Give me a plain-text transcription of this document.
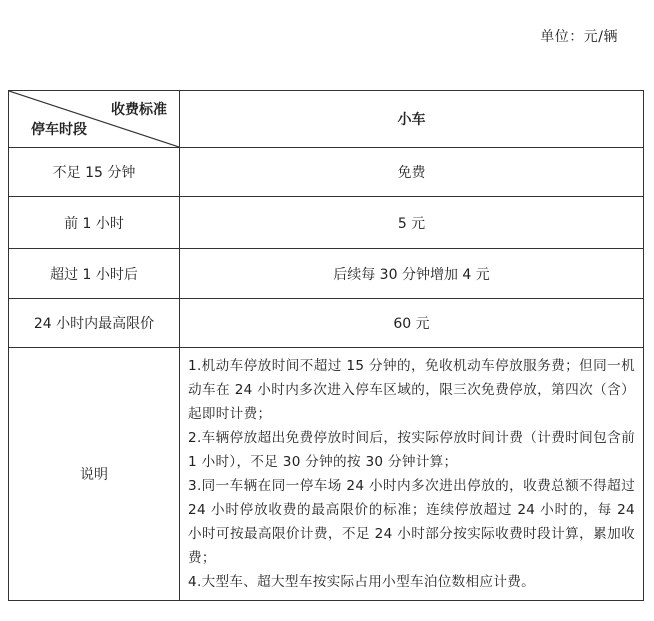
单位：元/辆
收费标准
停车时段	小车
不足 15 分钟	免费
前 1 小时	5 元
超过 1 小时后	后续每 30 分钟增加 4 元
24 小时内最高限价	60 元
说明	1.机动车停放时间不超过 15 分钟的，免收机动车停放服务费；但同一机动车在 24 小时内多次进入停车区域的，限三次免费停放，第四次（含）起即时计费；
2.车辆停放超出免费停放时间后，按实际停放时间计费（计费时间包含前 1 小时），不足 30 分钟的按 30 分钟计算；
3.同一车辆在同一停车场 24 小时内多次进出停放的，收费总额不得超过 24 小时停放收费的最高限价的标准；连续停放超过 24 小时的，每 24 小时可按最高限价计费，不足 24 小时部分按实际收费时段计算，累加收费；
4.大型车、超大型车按实际占用小型车泊位数相应计费。
